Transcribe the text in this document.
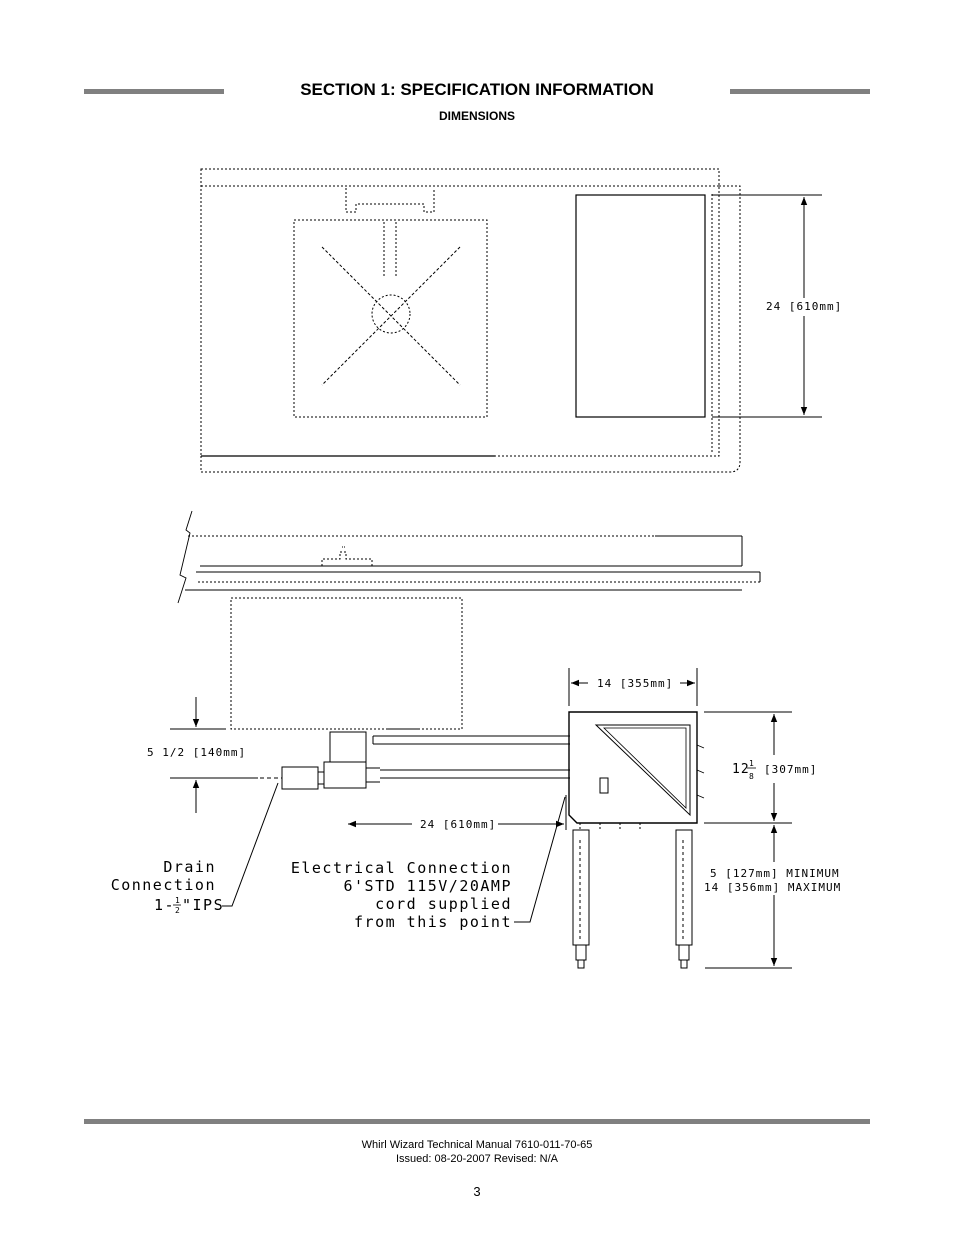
SECTION 1: SPECIFICATION INFORMATION
DIMENSIONS
24 [610mm]
14 [355mm]
12 1
8
[307mm]
5 1/2 [140mm]
24 [610mm]
5 [127mm] MINIMUM
14 [356mm] MAXIMUM
Drain
Connection
1- 1
2 "IPS
Electrical Connection
6'STD 115V/20AMP
cord supplied
from this point
Whirl Wizard Technical Manual 7610-011-70-65
Issued: 08-20-2007 Revised: N/A
3
